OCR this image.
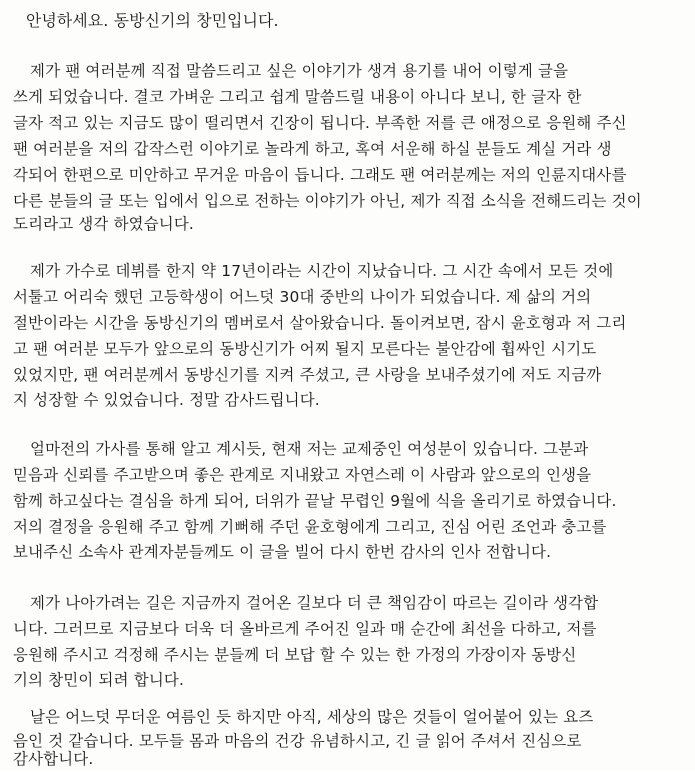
안녕하세요. 동방신기의 창민입니다.
제가 팬 여러분께 직접 말씀드리고 싶은 이야기가 생겨 용기를 내어 이렇게 글을
쓰게 되었습니다. 결코 가벼운 그리고 쉽게 말씀드릴 내용이 아니다 보니, 한 글자 한
글자 적고 있는 지금도 많이 떨리면서 긴장이 됩니다. 부족한 저를 큰 애정으로 응원해 주신
팬 여러분을 저의 갑작스런 이야기로 놀라게 하고, 혹여 서운해 하실 분들도 계실 거라 생
각되어 한편으로 미안하고 무거운 마음이 듭니다. 그래도 팬 여러분께는 저의 인륜지대사를
다른 분들의 글 또는 입에서 입으로 전하는 이야기가 아닌, 제가 직접 소식을 전해드리는 것이
도리라고 생각 하였습니다.
제가 가수로 데뷔를 한지 약 17년이라는 시간이 지났습니다. 그 시간 속에서 모든 것에
서툴고 어리숙 했던 고등학생이 어느덧 30대 중반의 나이가 되었습니다. 제 삶의 거의
절반이라는 시간을 동방신기의 멤버로서 살아왔습니다. 돌이켜보면, 잠시 윤호형과 저 그리
고 팬 여러분 모두가 앞으로의 동방신기가 어찌 될지 모른다는 불안감에 휩싸인 시기도
있었지만, 팬 여러분께서 동방신기를 지켜 주셨고, 큰 사랑을 보내주셨기에 저도 지금까
지 성장할 수 있었습니다. 정말 감사드립니다.
얼마전의 가사를 통해 알고 계시듯, 현재 저는 교제중인 여성분이 있습니다. 그분과
믿음과 신뢰를 주고받으며 좋은 관계로 지내왔고 자연스레 이 사람과 앞으로의 인생을
함께 하고싶다는 결심을 하게 되어, 더위가 끝날 무렵인 9월에 식을 올리기로 하였습니다.
저의 결정을 응원해 주고 함께 기뻐해 주던 윤호형에게 그리고, 진심 어린 조언과 충고를
보내주신 소속사 관계자분들께도 이 글을 빌어 다시 한번 감사의 인사 전합니다.
제가 나아가려는 길은 지금까지 걸어온 길보다 더 큰 책임감이 따르는 길이라 생각합
니다. 그러므로 지금보다 더욱 더 올바르게 주어진 일과 매 순간에 최선을 다하고, 저를
응원해 주시고 걱정해 주시는 분들께 더 보답 할 수 있는 한 가정의 가장이자 동방신
기의 창민이 되려 합니다.
날은 어느덧 무더운 여름인 듯 하지만 아직, 세상의 많은 것들이 얼어붙어 있는 요즈
음인 것 같습니다. 모두들 몸과 마음의 건강 유념하시고, 긴 글 읽어 주셔서 진심으로
감사합니다.
